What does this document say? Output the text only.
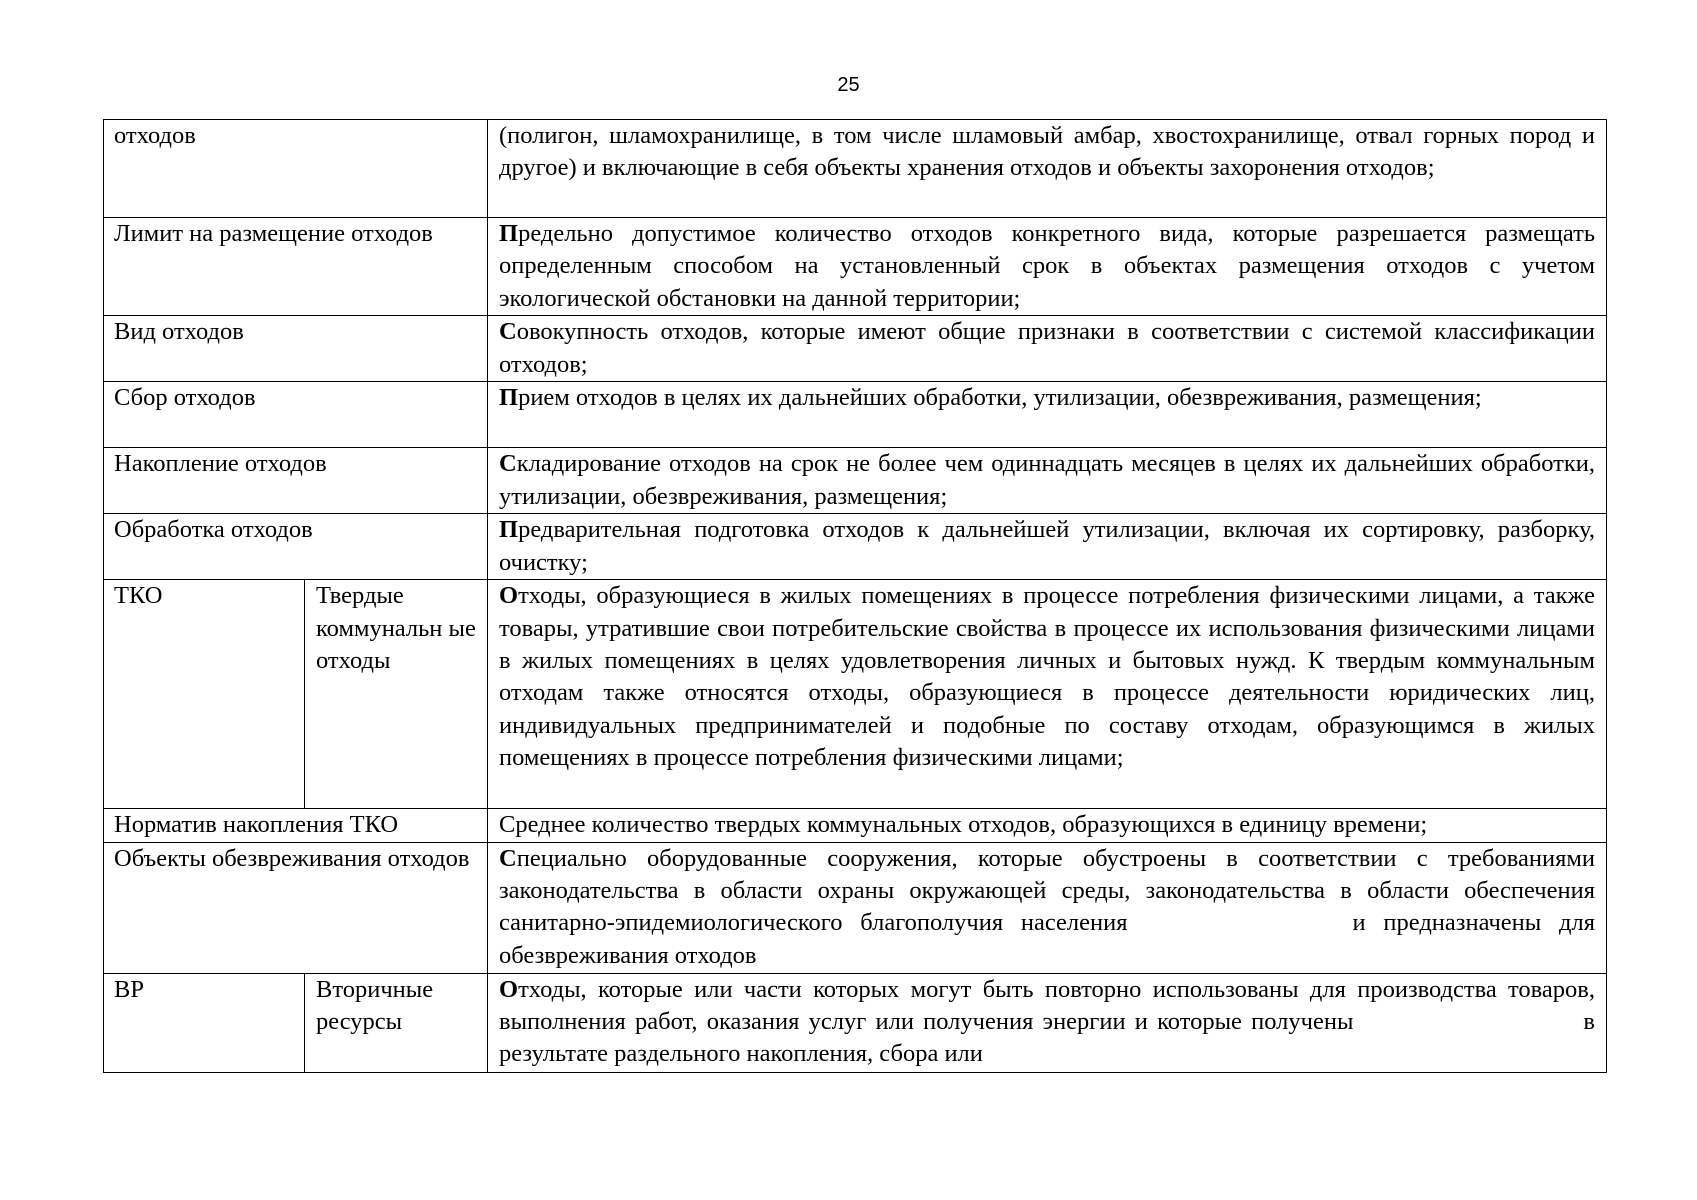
25
отходов		(полигон, шламохранилище, в том числе шламовый амбар, хвостохранилище, отвал горных пород и другое) и включающие в себя объекты хранения отходов и объекты захоронения отходов;
Лимит на размещение отходов		Предельно допустимое количество отходов конкретного вида, которые разрешается размещать определенным способом на установленный срок в объектах размещения отходов с учетом экологической обстановки на данной территории;
Вид отходов		Совокупность отходов, которые имеют общие признаки в соответствии с системой классификации отходов;
Сбор отходов		Прием отходов в целях их дальнейших обработки, утилизации, обезвреживания, размещения;
Накопление отходов		Складирование отходов на срок не более чем одиннадцать месяцев в целях их дальнейших обработки, утилизации, обезвреживания, размещения;
Обработка отходов		Предварительная подготовка отходов к дальнейшей утилизации, включая их сортировку, разборку, очистку;
ТКО	Твердые коммунальн ые отходы	Отходы, образующиеся в жилых помещениях в процессе потребления физическими лицами, а также товары, утратившие свои потребительские свойства в процессе их использования физическими лицами в жилых помещениях в целях удовлетворения личных и бытовых нужд. К твердым коммунальным отходам также относятся отходы, образующиеся в процессе деятельности юридических лиц, индивидуальных предпринимателей и подобные по составу отходам, образующимся в жилых помещениях в процессе потребления физическими лицами;
Норматив накопления ТКО		Среднее количество твердых коммунальных отходов, образующихся в единицу времени;
Объекты обезвреживания отходов		Специально оборудованные сооружения, которые обустроены в соответствии с требованиями законодательства в области охраны окружающей среды, законодательства в области обеспечения санитарно-эпидемиологического благополучия населения и предназначены для обезвреживания отходов
ВР	Вторичные ресурсы	Отходы, которые или части которых могут быть повторно использованы для производства товаров, выполнения работ, оказания услуг или получения энергии и которые получены в результате раздельного накопления, сбора или
